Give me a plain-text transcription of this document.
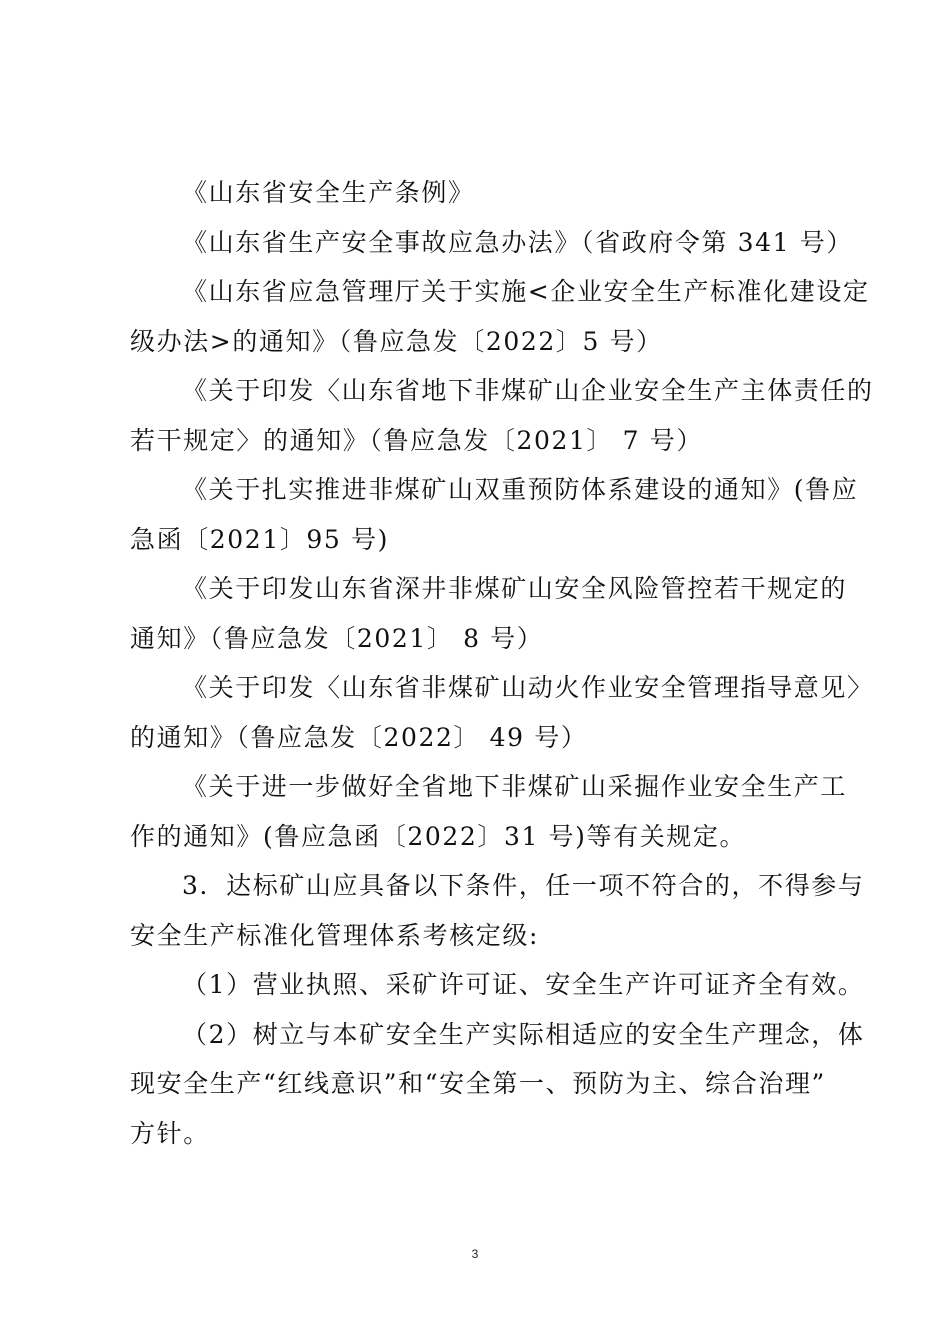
《山东省安全生产条例》
《山东省生产安全事故应急办法》（省政府令第 341 号）
《山东省应急管理厅关于实施<企业安全生产标准化建设定
级办法>的通知》（鲁应急发〔2022〕5 号）
《关于印发〈山东省地下非煤矿山企业安全生产主体责任的
若干规定〉的通知》（鲁应急发〔2021〕 7 号）
《关于扎实推进非煤矿山双重预防体系建设的通知》(鲁应
急函〔2021〕95 号)
《关于印发山东省深井非煤矿山安全风险管控若干规定的
通知》（鲁应急发〔2021〕 8 号）
《关于印发〈山东省非煤矿山动火作业安全管理指导意见〉
的通知》（鲁应急发〔2022〕 49 号）
《关于进一步做好全省地下非煤矿山采掘作业安全生产工
作的通知》(鲁应急函〔2022〕31 号)等有关规定。
3．达标矿山应具备以下条件，任一项不符合的，不得参与
安全生产标准化管理体系考核定级:
（1）营业执照、采矿许可证、安全生产许可证齐全有效。
（2）树立与本矿安全生产实际相适应的安全生产理念，体
现安全生产“红线意识”和“安全第一、预防为主、综合治理”
方针。
3
